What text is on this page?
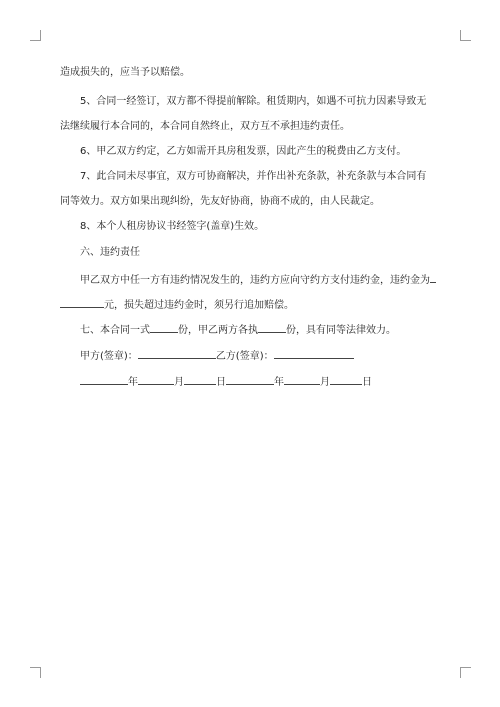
造成损失的，应当予以赔偿。
5、合同一经签订，双方都不得提前解除。租赁期内，如遇不可抗力因素导致无
法继续履行本合同的，本合同自然终止，双方互不承担违约责任。
6、甲乙双方约定，乙方如需开具房租发票，因此产生的税费由乙方支付。
7、此合同未尽事宜，双方可协商解决，并作出补充条款，补充条款与本合同有
同等效力。双方如果出现纠纷，先友好协商，协商不成的，由人民裁定。
8、本个人租房协议书经签字(盖章)生效。
六、违约责任
甲乙双方中任一方有违约情况发生的，违约方应向守约方支付违约金，违约金为
元，损失超过违约金时，须另行追加赔偿。
七、本合同一式	份，甲乙两方各执	份，具有同等法律效力。
甲方(签章)：	乙方(签章)：
年	月	日	年	月	日
